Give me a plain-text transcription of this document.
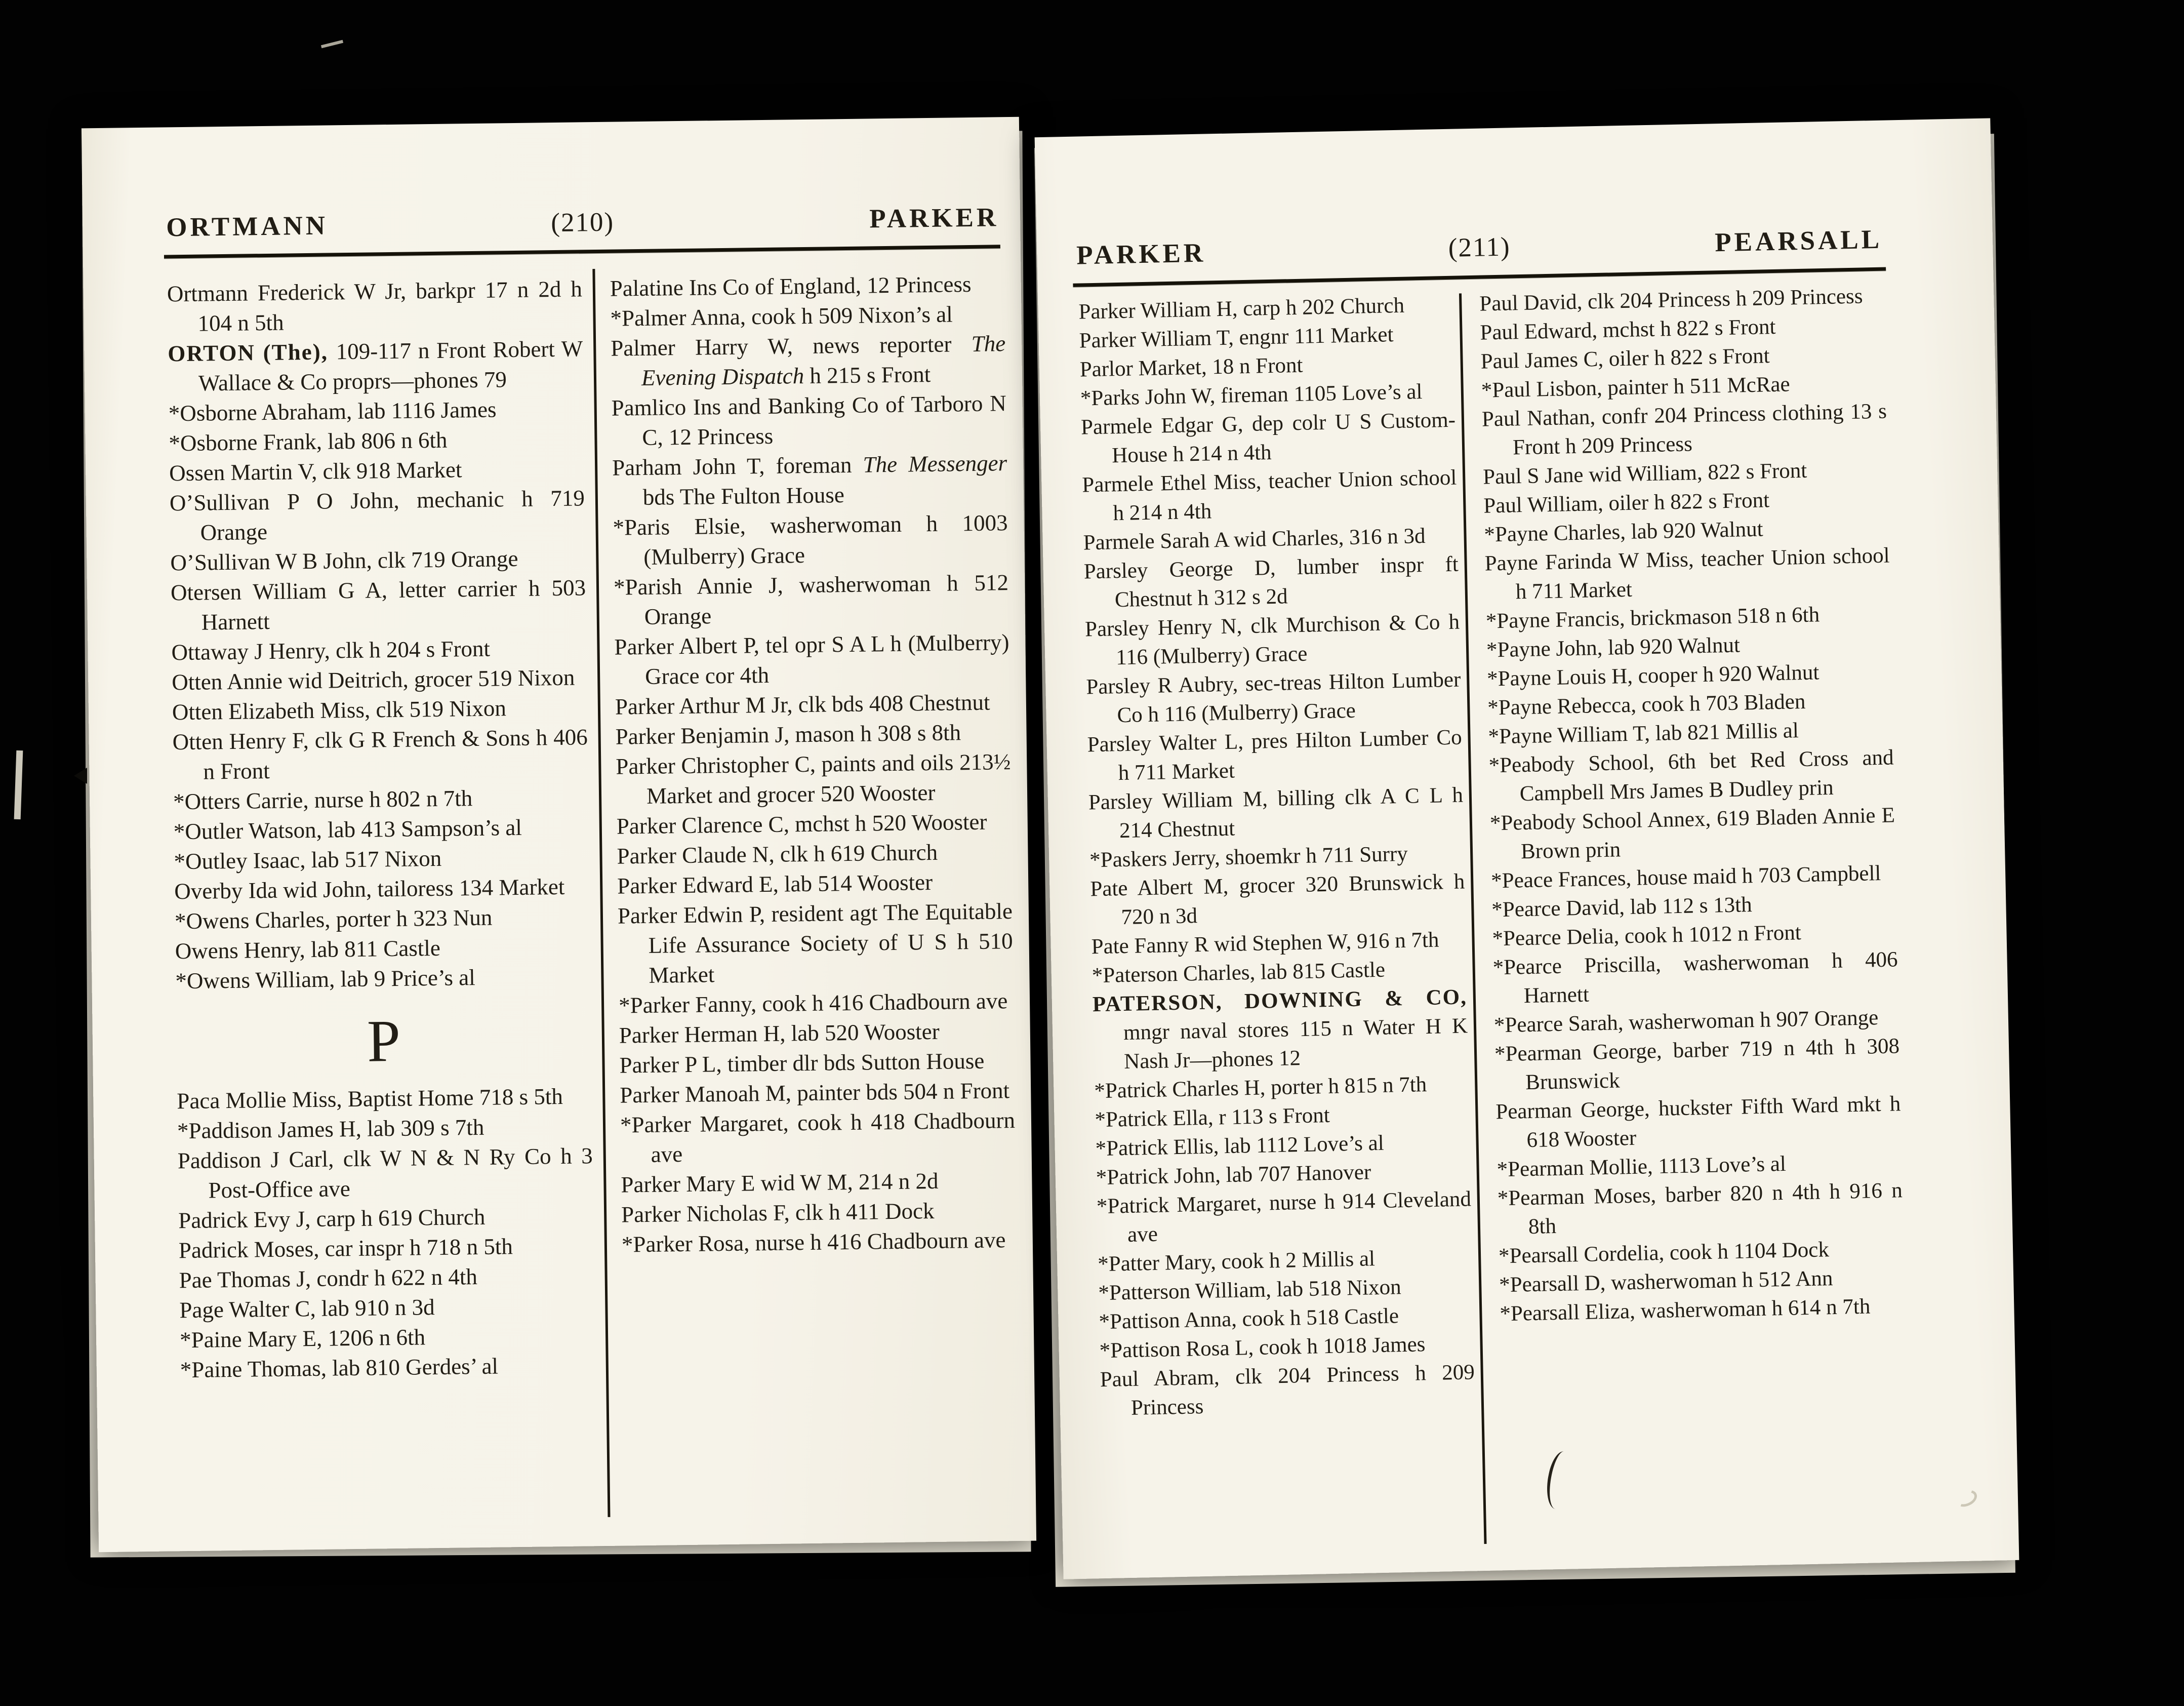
ORTMANN	(210)	PARKER
Ortmann Frederick W Jr, barkpr 17 n 2d h 104 n 5th
ORTON (The), 109-117 n Front Robert W Wallace & Co proprs—phones 79
*Osborne Abraham, lab 1116 James
*Osborne Frank, lab 806 n 6th
Ossen Martin V, clk 918 Market
O’Sullivan P O John, mechanic h 719 Orange
O’Sullivan W B John, clk 719 Orange
Otersen William G A, letter carrier h 503 Harnett
Ottaway J Henry, clk h 204 s Front
Otten Annie wid Deitrich, grocer 519 Nixon
Otten Elizabeth Miss, clk 519 Nixon
Otten Henry F, clk G R French & Sons h 406 n Front
*Otters Carrie, nurse h 802 n 7th
*Outler Watson, lab 413 Sampson’s al
*Outley Isaac, lab 517 Nixon
Overby Ida wid John, tailoress 134 Market
*Owens Charles, porter h 323 Nun
Owens Henry, lab 811 Castle
*Owens William, lab 9 Price’s al
P
Paca Mollie Miss, Baptist Home 718 s 5th
*Paddison James H, lab 309 s 7th
Paddison J Carl, clk W N & N Ry Co h 3 Post-Office ave
Padrick Evy J, carp h 619 Church
Padrick Moses, car inspr h 718 n 5th
Pae Thomas J, condr h 622 n 4th
Page Walter C, lab 910 n 3d
*Paine Mary E, 1206 n 6th
*Paine Thomas, lab 810 Gerdes’ al
Palatine Ins Co of England, 12 Princess
*Palmer Anna, cook h 509 Nixon’s al
Palmer Harry W, news reporter The Evening Dispatch h 215 s Front
Pamlico Ins and Banking Co of Tarboro N C, 12 Princess
Parham John T, foreman The Messenger bds The Fulton House
*Paris Elsie, washerwoman h 1003 (Mulberry) Grace
*Parish Annie J, washerwoman h 512 Orange
Parker Albert P, tel opr S A L h (Mulberry) Grace cor 4th
Parker Arthur M Jr, clk bds 408 Chestnut
Parker Benjamin J, mason h 308 s 8th
Parker Christopher C, paints and oils 213½ Market and grocer 520 Wooster
Parker Clarence C, mchst h 520 Wooster
Parker Claude N, clk h 619 Church
Parker Edward E, lab 514 Wooster
Parker Edwin P, resident agt The Equitable Life Assurance Society of U S h 510 Market
*Parker Fanny, cook h 416 Chadbourn ave
Parker Herman H, lab 520 Wooster
Parker P L, timber dlr bds Sutton House
Parker Manoah M, painter bds 504 n Front
*Parker Margaret, cook h 418 Chadbourn ave
Parker Mary E wid W M, 214 n 2d
Parker Nicholas F, clk h 411 Dock
*Parker Rosa, nurse h 416 Chadbourn ave
PARKER	(211)	PEARSALL
Parker William H, carp h 202 Church
Parker William T, engnr 111 Market
Parlor Market, 18 n Front
*Parks John W, fireman 1105 Love’s al
Parmele Edgar G, dep colr U S Custom-House h 214 n 4th
Parmele Ethel Miss, teacher Union school h 214 n 4th
Parmele Sarah A wid Charles, 316 n 3d
Parsley George D, lumber inspr ft Chestnut h 312 s 2d
Parsley Henry N, clk Murchison & Co h 116 (Mulberry) Grace
Parsley R Aubry, sec-treas Hilton Lumber Co h 116 (Mulberry) Grace
Parsley Walter L, pres Hilton Lumber Co h 711 Market
Parsley William M, billing clk A C L h 214 Chestnut
*Paskers Jerry, shoemkr h 711 Surry
Pate Albert M, grocer 320 Brunswick h 720 n 3d
Pate Fanny R wid Stephen W, 916 n 7th
*Paterson Charles, lab 815 Castle
PATERSON, DOWNING & CO, mngr naval stores 115 n Water H K Nash Jr—phones 12
*Patrick Charles H, porter h 815 n 7th
*Patrick Ella, r 113 s Front
*Patrick Ellis, lab 1112 Love’s al
*Patrick John, lab 707 Hanover
*Patrick Margaret, nurse h 914 Cleveland ave
*Patter Mary, cook h 2 Millis al
*Patterson William, lab 518 Nixon
*Pattison Anna, cook h 518 Castle
*Pattison Rosa L, cook h 1018 James
Paul Abram, clk 204 Princess h 209 Princess
Paul David, clk 204 Princess h 209 Princess
Paul Edward, mchst h 822 s Front
Paul James C, oiler h 822 s Front
*Paul Lisbon, painter h 511 McRae
Paul Nathan, confr 204 Princess clothing 13 s Front h 209 Princess
Paul S Jane wid William, 822 s Front
Paul William, oiler h 822 s Front
*Payne Charles, lab 920 Walnut
Payne Farinda W Miss, teacher Union school h 711 Market
*Payne Francis, brickmason 518 n 6th
*Payne John, lab 920 Walnut
*Payne Louis H, cooper h 920 Walnut
*Payne Rebecca, cook h 703 Bladen
*Payne William T, lab 821 Millis al
*Peabody School, 6th bet Red Cross and Campbell Mrs James B Dudley prin
*Peabody School Annex, 619 Bladen Annie E Brown prin
*Peace Frances, house maid h 703 Campbell
*Pearce David, lab 112 s 13th
*Pearce Delia, cook h 1012 n Front
*Pearce Priscilla, washerwoman h 406 Harnett
*Pearce Sarah, washerwoman h 907 Orange
*Pearman George, barber 719 n 4th h 308 Brunswick
Pearman George, huckster Fifth Ward mkt h 618 Wooster
*Pearman Mollie, 1113 Love’s al
*Pearman Moses, barber 820 n 4th h 916 n 8th
*Pearsall Cordelia, cook h 1104 Dock
*Pearsall D, washerwoman h 512 Ann
*Pearsall Eliza, washerwoman h 614 n 7th
